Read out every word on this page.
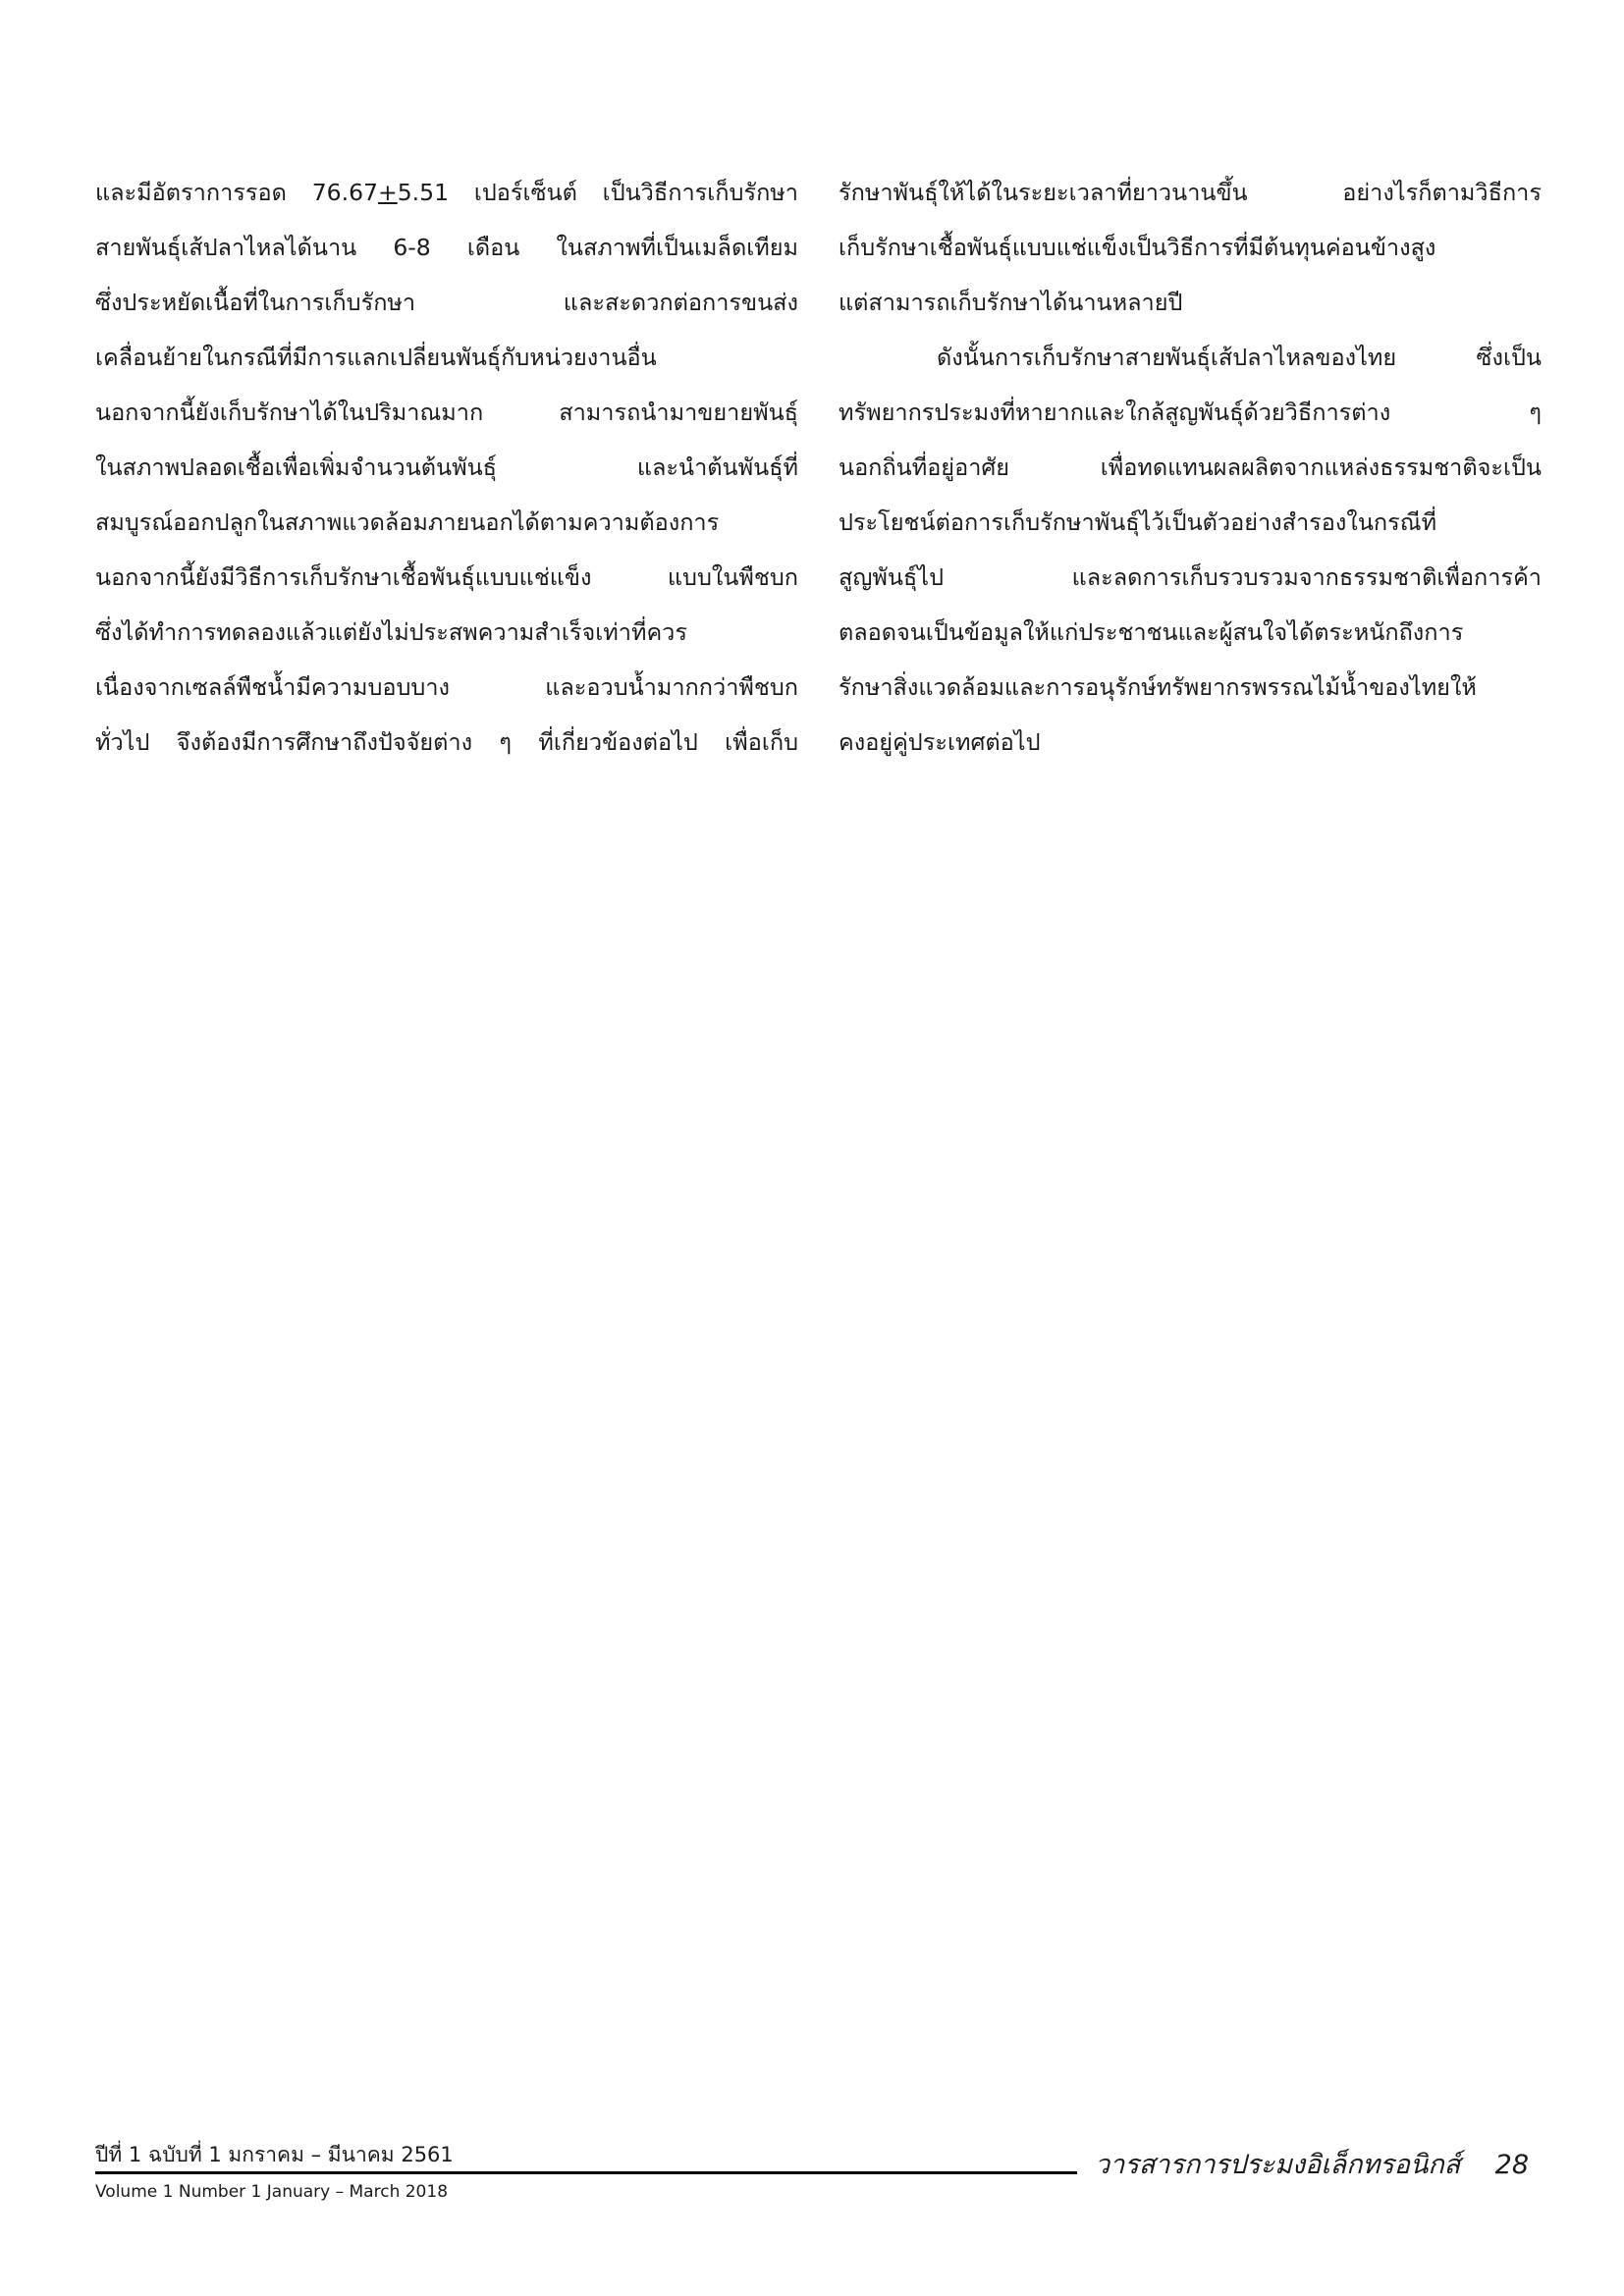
และมีอัตราการรอด 76.67+5.51 เปอร์เซ็นต์ เป็นวิธีการเก็บรักษา
สายพันธุ์เส้ปลาไหลได้นาน 6-8 เดือน ในสภาพที่เป็นเมล็ดเทียม
ซึ่งประหยัดเนื้อที่ในการเก็บรักษา และสะดวกต่อการขนส่ง
เคลื่อนย้ายในกรณีที่มีการแลกเปลี่ยนพันธุ์กับหน่วยงานอื่น
นอกจากนี้ยังเก็บรักษาได้ในปริมาณมาก สามารถนำมาขยายพันธุ์
ในสภาพปลอดเชื้อเพื่อเพิ่มจำนวนต้นพันธุ์ และนำต้นพันธุ์ที่
สมบูรณ์ออกปลูกในสภาพแวดล้อมภายนอกได้ตามความต้องการ
นอกจากนี้ยังมีวิธีการเก็บรักษาเชื้อพันธุ์แบบแช่แข็ง แบบในพืชบก
ซึ่งได้ทำการทดลองแล้วแต่ยังไม่ประสพความสำเร็จเท่าที่ควร
เนื่องจากเซลล์พืชน้ำมีความบอบบาง และอวบน้ำมากกว่าพืชบก
ทั่วไป จึงต้องมีการศึกษาถึงปัจจัยต่าง ๆ ที่เกี่ยวข้องต่อไป เพื่อเก็บ
รักษาพันธุ์ให้ได้ในระยะเวลาที่ยาวนานขึ้น อย่างไรก็ตามวิธีการ
เก็บรักษาเชื้อพันธุ์แบบแช่แข็งเป็นวิธีการที่มีต้นทุนค่อนข้างสูง
แต่สามารถเก็บรักษาได้นานหลายปี
ดังนั้นการเก็บรักษาสายพันธุ์เส้ปลาไหลของไทย ซึ่งเป็น
ทรัพยากรประมงที่หายากและใกล้สูญพันธุ์ด้วยวิธีการต่าง ๆ
นอกถิ่นที่อยู่อาศัย เพื่อทดแทนผลผลิตจากแหล่งธรรมชาติจะเป็น
ประโยชน์ต่อการเก็บรักษาพันธุ์ไว้เป็นตัวอย่างสำรองในกรณีที่
สูญพันธุ์ไป และลดการเก็บรวบรวมจากธรรมชาติเพื่อการค้า
ตลอดจนเป็นข้อมูลให้แก่ประชาชนและผู้สนใจได้ตระหนักถึงการ
รักษาสิ่งแวดล้อมและการอนุรักษ์ทรัพยากรพรรณไม้น้ำของไทยให้
คงอยู่คู่ประเทศต่อไป
ปีที่ 1 ฉบับที่ 1 มกราคม – มีนาคม 2561
Volume 1 Number 1 January – March 2018
วารสารการประมงอิเล็กทรอนิกส์ 28
